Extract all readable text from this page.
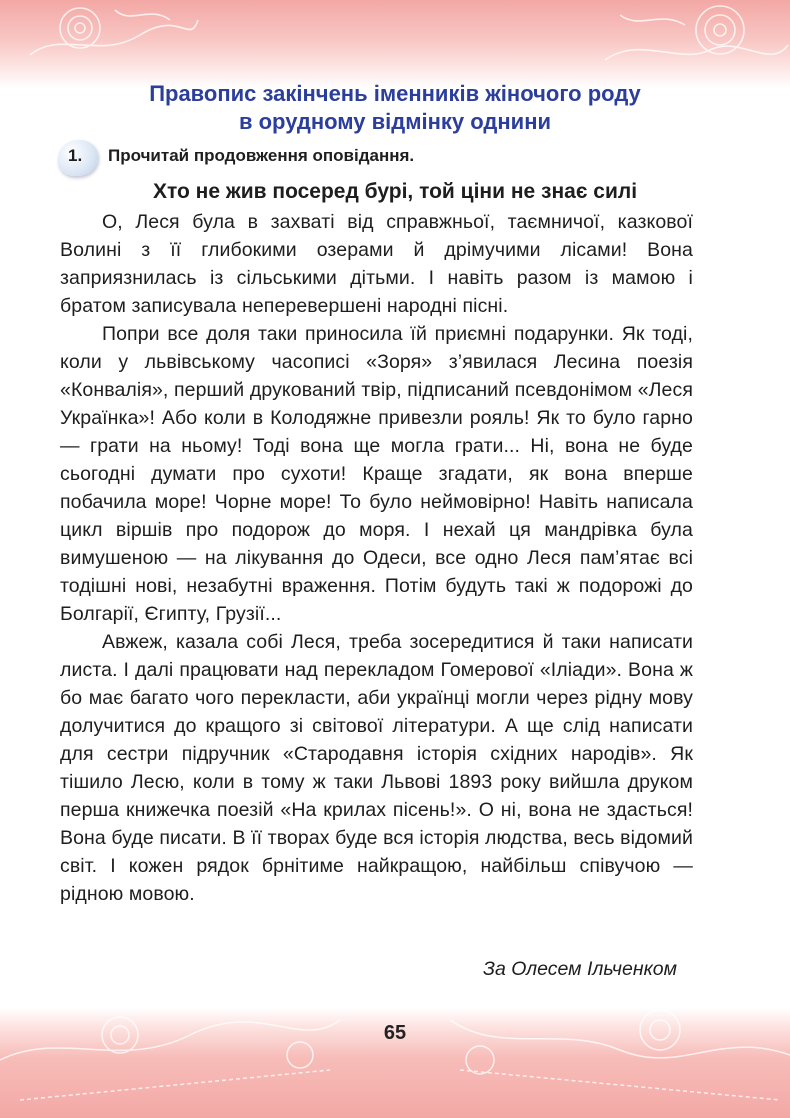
Правопис закінчень іменників жіночого роду
в орудному відмінку однини
1. Прочитай продовження оповідання.
Хто не жив посеред бурі, той ціни не знає силі

О, Леся була в захваті від справжньої, таємничої, казкової Волині з її глибокими озерами й дрімучими лісами! Вона заприязнилась із сільськими дітьми. І навіть разом із мамою і братом записувала неперевершені народні пісні.

Попри все доля таки приносила їй приємні подарунки. Як тоді, коли у львівському часописі «Зоря» з’явилася Лесина поезія «Конвалія», перший друкований твір, підписаний псевдонімом «Леся Українка»! Або коли в Колодяжне привезли рояль! Як то було гарно — грати на ньому! Тоді вона ще могла грати... Ні, вона не буде сьогодні думати про сухоти! Краще згадати, як вона вперше побачила море! Чорне море! То було неймовірно! Навіть написала цикл віршів про подорож до моря. І нехай ця мандрівка була вимушеною — на лікування до Одеси, все одно Леся пам’ятає всі тодішні нові, незабутні враження. Потім будуть такі ж подорожі до Болгарії, Єгипту, Грузії...

Авжеж, казала собі Леся, треба зосередитися й таки написати листа. І далі працювати над перекладом Гомерової «Іліади». Вона ж бо має багато чого перекласти, аби українці могли через рідну мову долучитися до кращого зі світової літератури. А ще слід написати для сестри підручник «Стародавня історія східних народів». Як тішило Лесю, коли в тому ж таки Львові 1893 року вийшла друком перша книжечка поезій «На крилах пісень!». О ні, вона не здасться! Вона буде писати. В її творах буде вся історія людства, весь відомий світ. І кожен рядок брнітиме найкращою, найбільш співучою — рідною мовою.

За Олесем Ільченком
65
